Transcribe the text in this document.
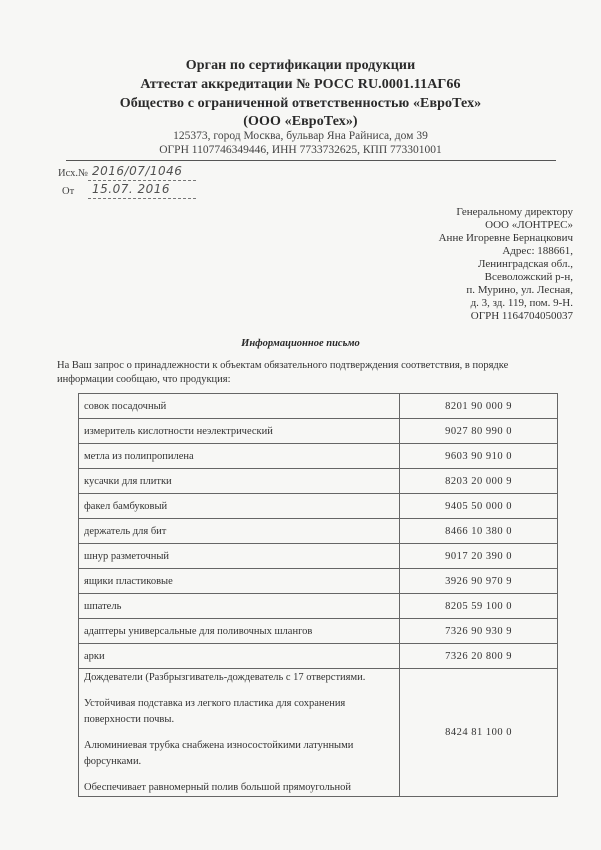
Орган по сертификации продукции
Аттестат аккредитации № РОСС RU.0001.11АГ66
Общество с ограниченной ответственностью «ЕвроТех»
(ООО «ЕвроТех»)
125373, город Москва, бульвар Яна Райниса, дом 39
ОГРН 1107746349446, ИНН 7733732625, КПП 773301001
Исх.№ 2016/07/1046
От 15.07. 2016
Генеральному директору
ООО «ЛОНТРЕС»
Анне Игоревне Бернацкович
Адрес: 188661,
Ленинградская обл.,
Всеволожский р-н,
п. Мурино, ул. Лесная,
д. 3, зд. 119, пом. 9-Н.
ОГРН 1164704050037
Информационное письмо
На Ваш запрос о принадлежности к объектам обязательного подтверждения соответствия, в порядке информации сообщаю, что продукция:
совок посадочный	8201 90 000 9
измеритель кислотности неэлектрический	9027 80 990 0
метла из полипропилена	9603 90 910 0
кусачки для плитки	8203 20 000 9
факел бамбуковый	9405 50 000 0
держатель для бит	8466 10 380 0
шнур разметочный	9017 20 390 0
ящики пластиковые	3926 90 970 9
шпатель	8205 59 100 0
адаптеры универсальные для поливочных шлангов	7326 90 930 9
арки	7326 20 800 9

Дождеватели (Разбрызгиватель-дождеватель с 17 отверстиями.
Устойчивая подставка из легкого пластика для сохранения поверхности почвы.
Алюминиевая трубка снабжена износостойкими латунными форсунками.
Обеспечивает равномерный полив большой прямоугольной	8424 81 100 0
